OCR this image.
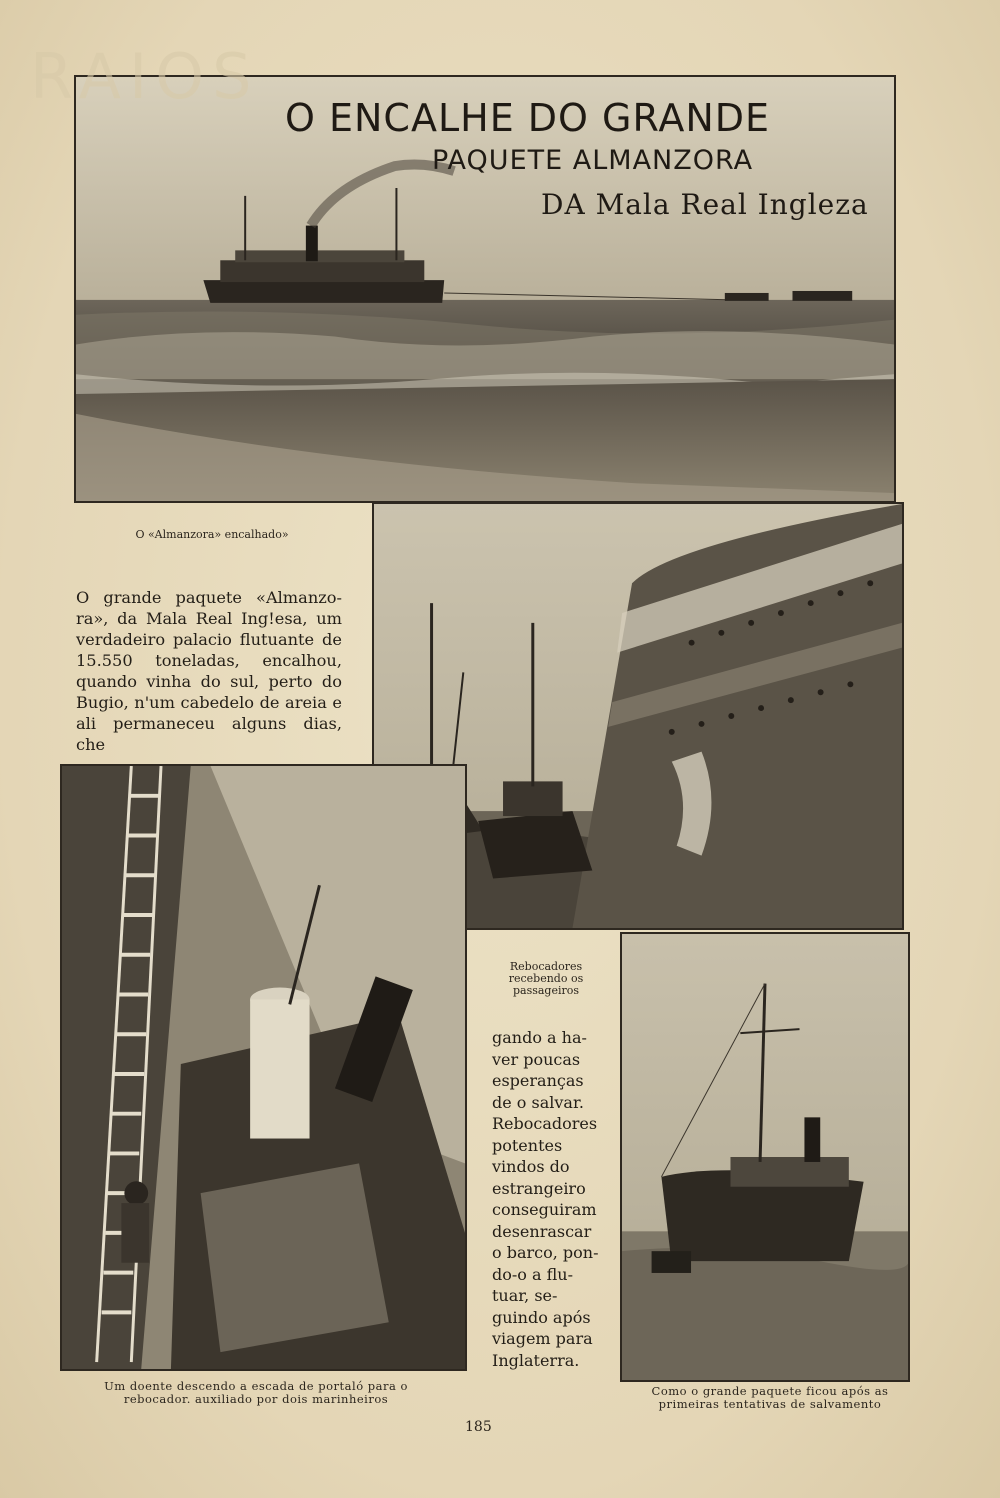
RAIOS
O ENCALHE DO GRANDE
PAQUETE ALMANZORA
DA Mala Real Ingleza
O «Almanzora» encalhado»
O grande paquete «Almanzora», da Mala Real Ing!esa, um verdadeiro palacio flutuante de 15.550 toneladas, encalhou, quando vinha do sul, perto do Bugio, n'um cabedelo de areia e ali permaneceu alguns dias, che
Um doente descendo a escada de portaló para o rebocador. auxiliado por dois marinheiros
Rebocadores recebendo os passageiros
gando a haver poucas esperanças de o salvar. Rebocadores potentes vindos do estrangeiro conseguiram desenrascar o barco, pondo-o a flutuar, seguindo após viagem para Inglaterra.
Como o grande paquete ficou após as primeiras tentativas de salvamento
185
